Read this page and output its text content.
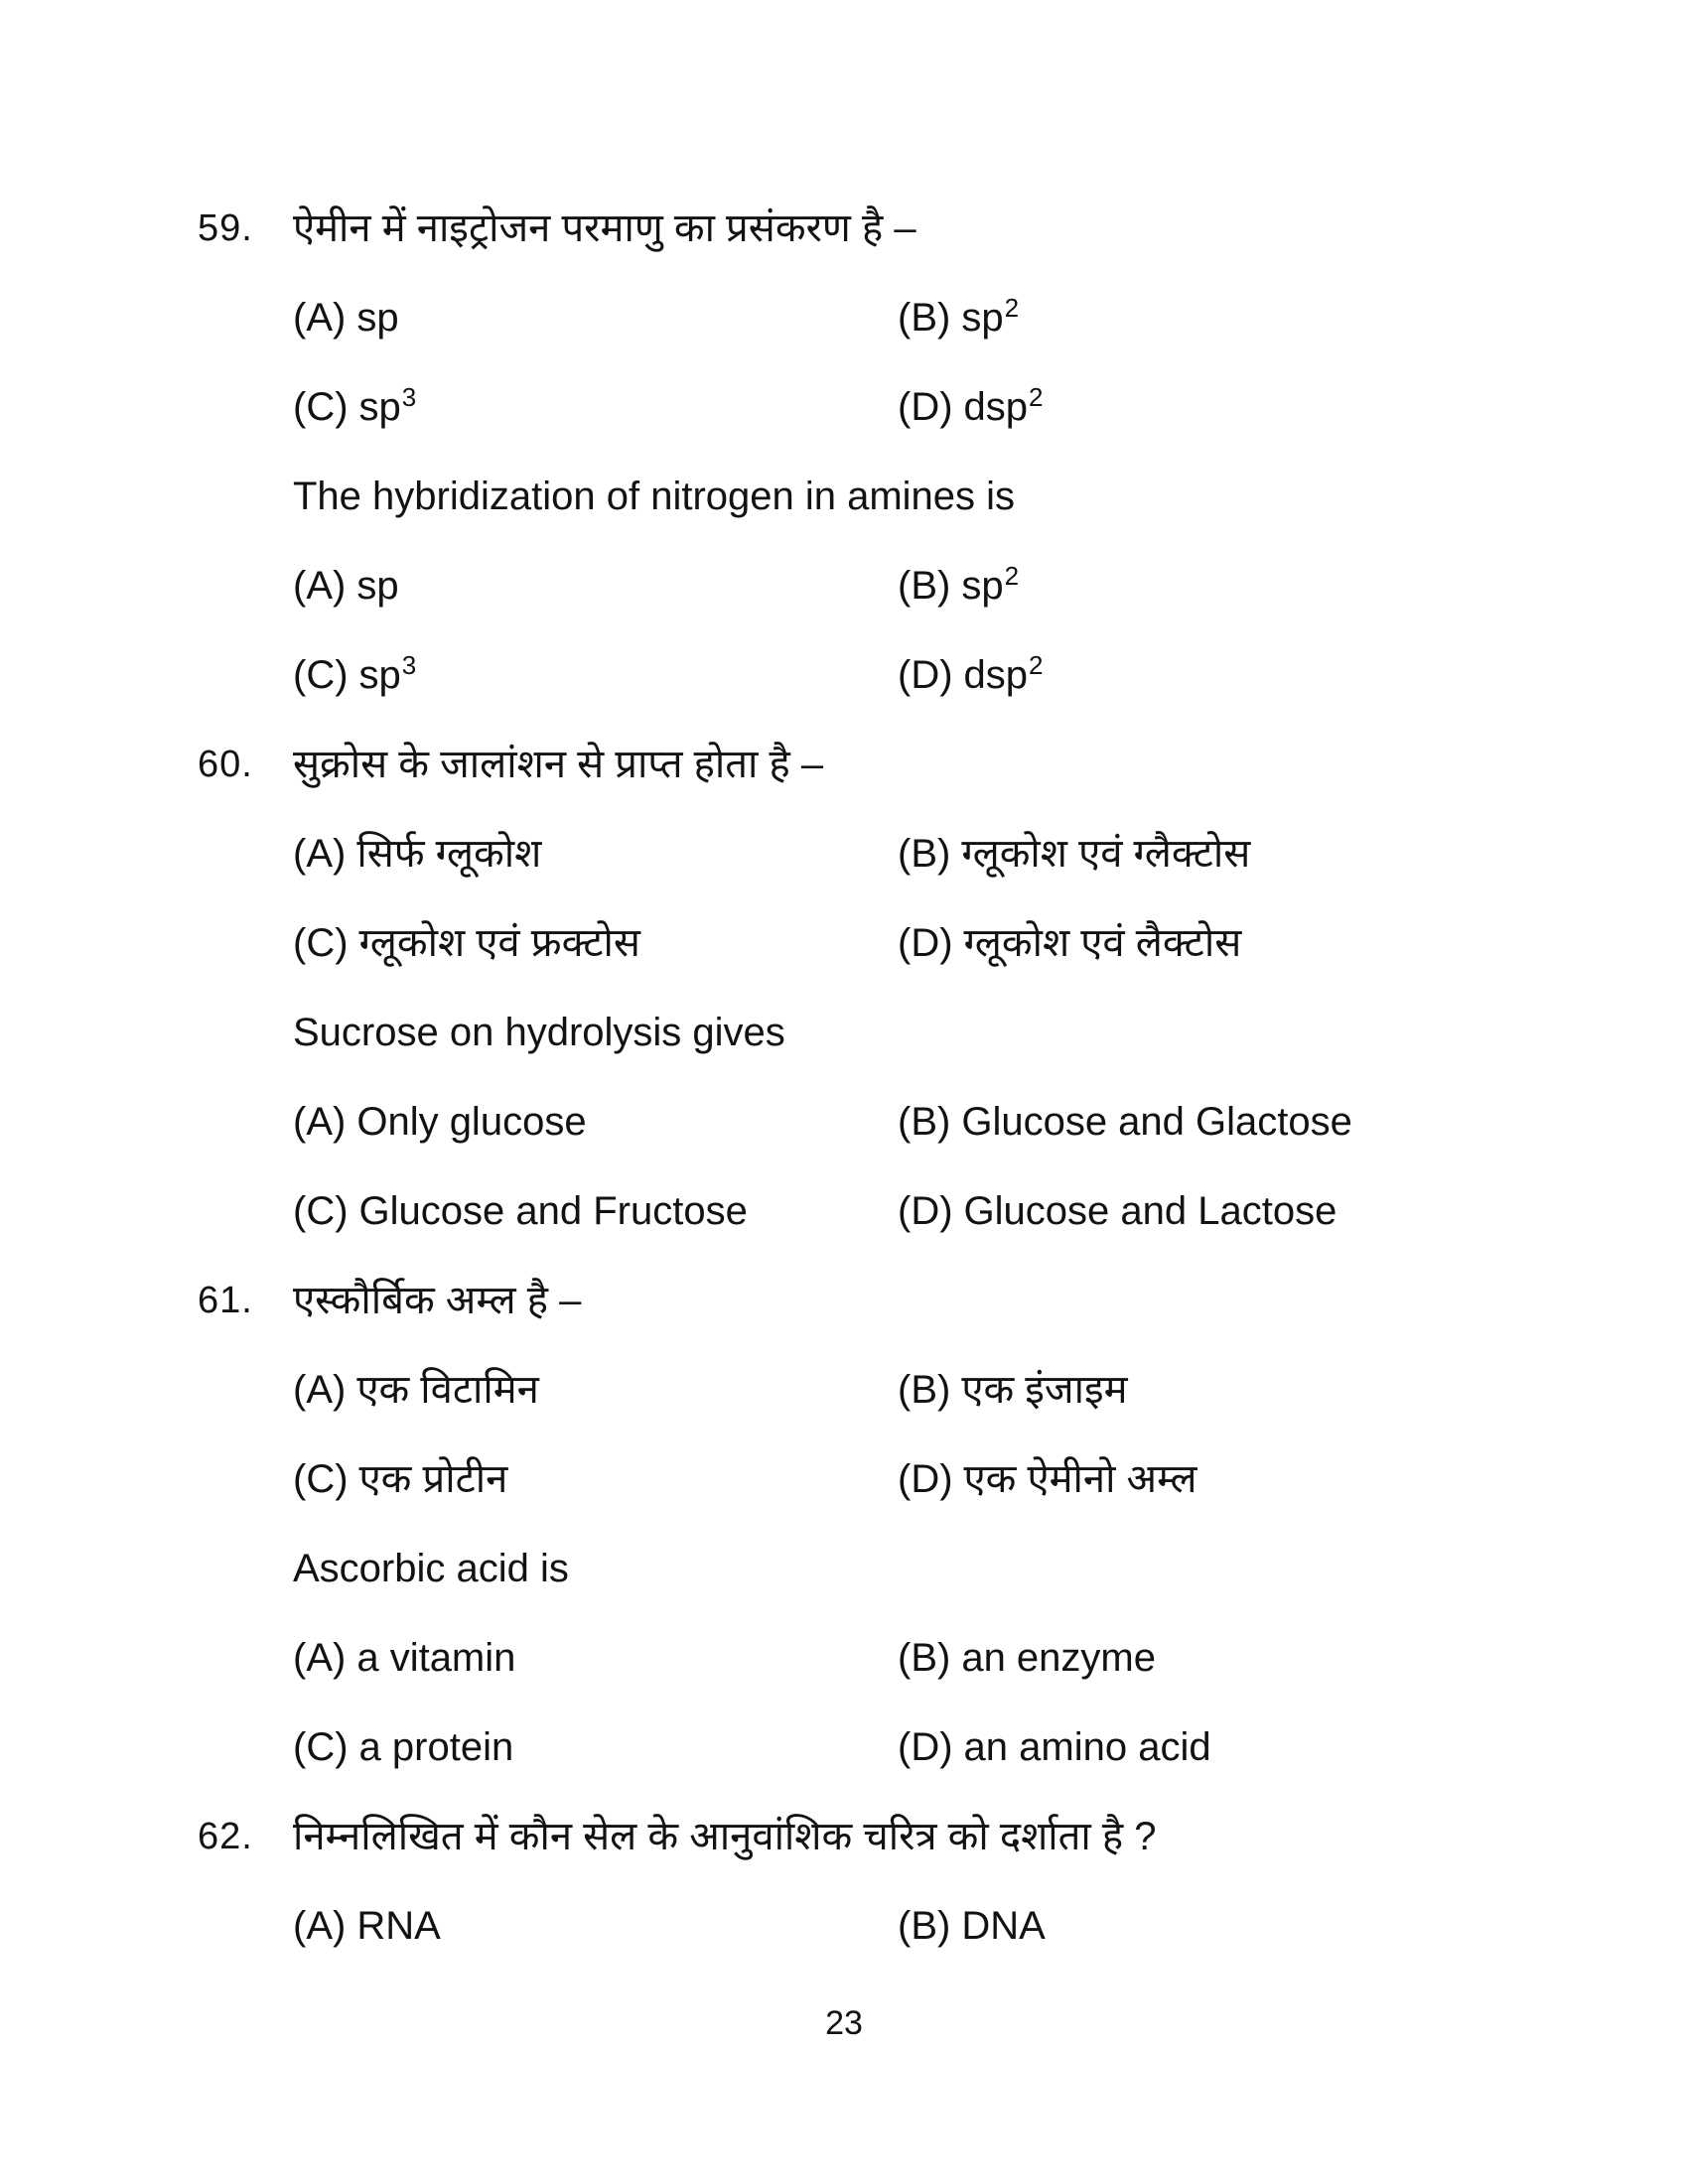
59. ऐमीन में नाइट्रोजन परमाणु का प्रसंकरण है –
(A) sp	(B) $sp^2$
(C) $sp^3$	(D) dsp$^2$
The hybridization of nitrogen in amines is
(A) sp	(B) $sp^2$
(C) $sp^3$	(D) dsp$^2$
60. सुक्रोस के जालांशन से प्राप्त होता है –
(A) सिर्फ ग्लूकोश	(B) ग्लूकोश एवं ग्लैक्टोस
(C) ग्लूकोश एवं फ्रक्टोस	(D) ग्लूकोश एवं लैक्टोस
Sucrose on hydrolysis gives
(A) Only glucose	(B) Glucose and Glactose
(C) Glucose and Fructose	(D) Glucose and Lactose
61. एस्कौर्बिक अम्ल है –
(A) एक विटामिन	(B) एक इंजाइम
(C) एक प्रोटीन	(D) एक ऐमीनो अम्ल
Ascorbic acid is
(A) a vitamin	(B) an enzyme
(C) a protein	(D) an amino acid
62. निम्नलिखित में कौन सेल के आनुवांशिक चरित्र को दर्शाता है ?
(A) RNA	(B) DNA
23
